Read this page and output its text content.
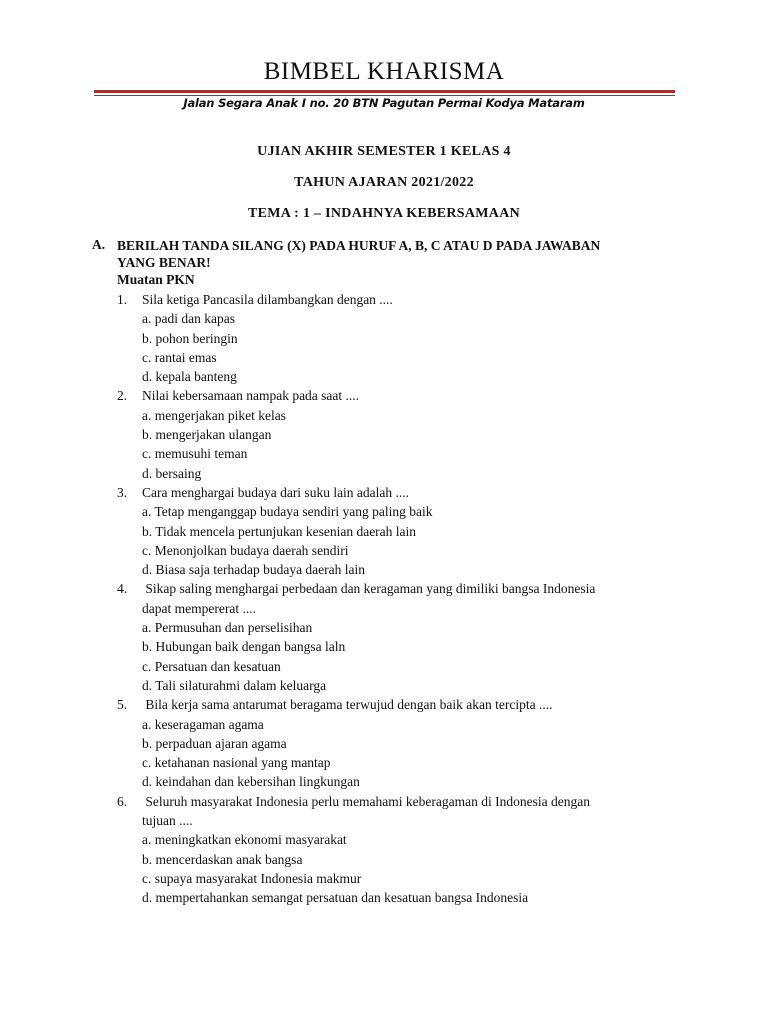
BIMBEL KHARISMA
Jalan Segara Anak I no. 20 BTN Pagutan Permai Kodya Mataram
UJIAN AKHIR SEMESTER 1 KELAS 4
TAHUN AJARAN 2021/2022
TEMA : 1 – INDAHNYA KEBERSAMAAN
A. BERILAH TANDA SILANG (X) PADA HURUF A, B, C ATAU D PADA JAWABAN
YANG BENAR!
Muatan PKN
1. Sila ketiga Pancasila dilambangkan dengan ....
a. padi dan kapas
b. pohon beringin
c. rantai emas
d. kepala banteng
2. Nilai kebersamaan nampak pada saat ....
a. mengerjakan piket kelas
b. mengerjakan ulangan
c. memusuhi teman
d. bersaing
3. Cara menghargai budaya dari suku lain adalah ....
a. Tetap menganggap budaya sendiri yang paling baik
b. Tidak mencela pertunjukan kesenian daerah lain
c. Menonjolkan budaya daerah sendiri
d. Biasa saja terhadap budaya daerah lain
4. Sikap saling menghargai perbedaan dan keragaman yang dimiliki bangsa Indonesia
dapat mempererat ....
a. Permusuhan dan perselisihan
b. Hubungan baik dengan bangsa laln
c. Persatuan dan kesatuan
d. Tali silaturahmi dalam keluarga
5. Bila kerja sama antarumat beragama terwujud dengan baik akan tercipta ....
a. keseragaman agama
b. perpaduan ajaran agama
c. ketahanan nasional yang mantap
d. keindahan dan kebersihan lingkungan
6. Seluruh masyarakat Indonesia perlu memahami keberagaman di Indonesia dengan
tujuan ....
a. meningkatkan ekonomi masyarakat
b. mencerdaskan anak bangsa
c. supaya masyarakat Indonesia makmur
d. mempertahankan semangat persatuan dan kesatuan bangsa Indonesia
